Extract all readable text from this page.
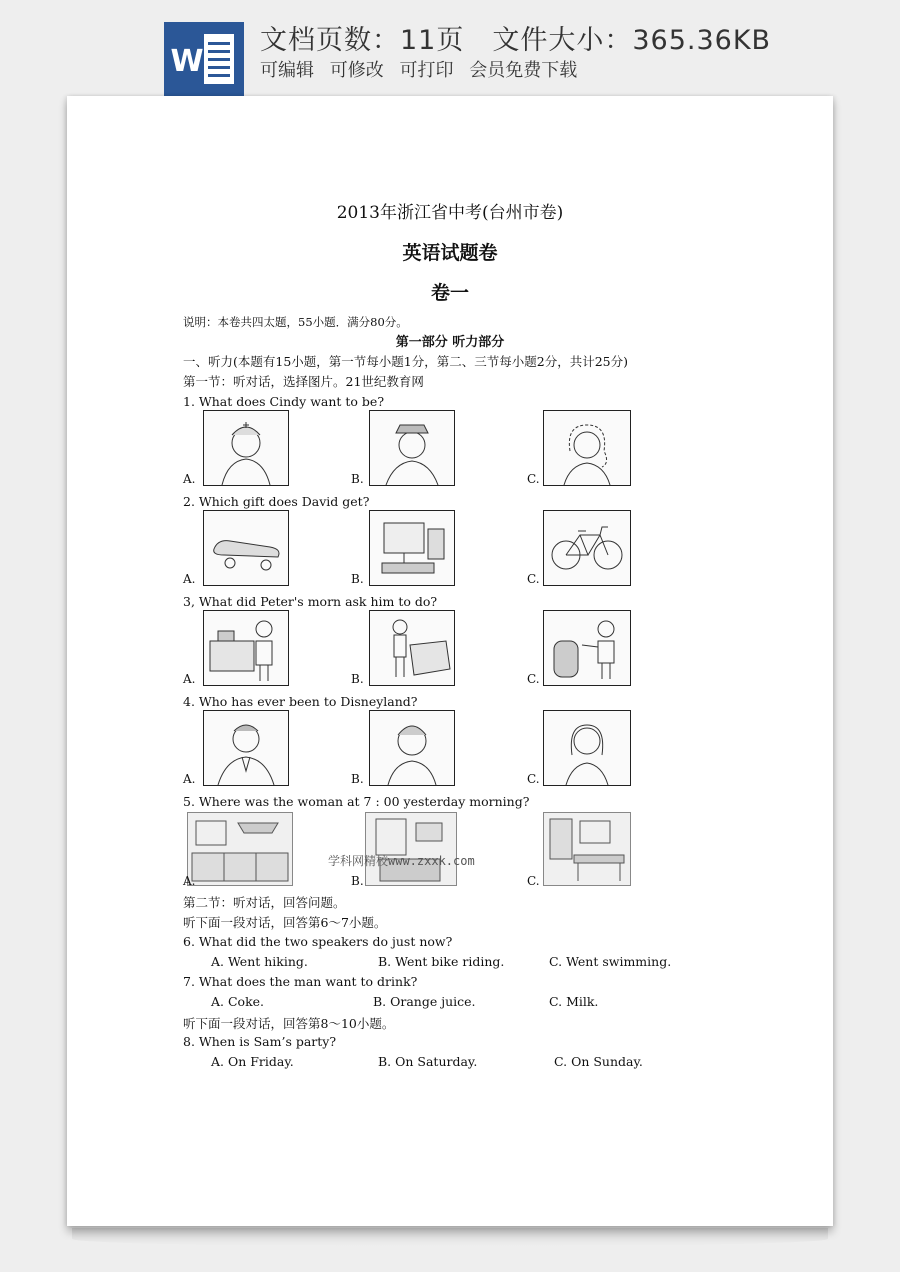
W
文档页数：11页 文件大小：365.36KB
可编辑 可修改 可打印 会员免费下载
2013年浙江省中考(台州市卷)
英语试题卷
卷一
说明：本卷共四太题，55小题．满分80分。
第一部分 听力部分
一、听力(本题有15小题，第一节每小题1分，第二、三节每小题2分，共计25分)
第一节：听对话，选择图片。21世纪教育网
1. What does Cindy want to be?
A.	B.	C.
2. Which gift does David get?
A.	B.	C.
3, What did Peter's morn ask him to do?
A.	B.	C.
4. Who has ever been to Disneyland?
A.	B.	C.
5. Where was the woman at 7 : 00 yesterday morning?
学科网精校www.zxxk.com
A.	B.	C.
第二节：听对话，回答问题。
听下面一段对话，回答第6～7小题。
6. What did the two speakers do just now?
A. Went hiking.	B. Went bike riding.	C. Went swimming.
7. What does the man want to drink?
A. Coke.	B. Orange juice.	C. Milk.
听下面一段对话，回答第8～10小题。
8. When is Sam’s party?
A. On Friday.	B. On Saturday.	C. On Sunday.
